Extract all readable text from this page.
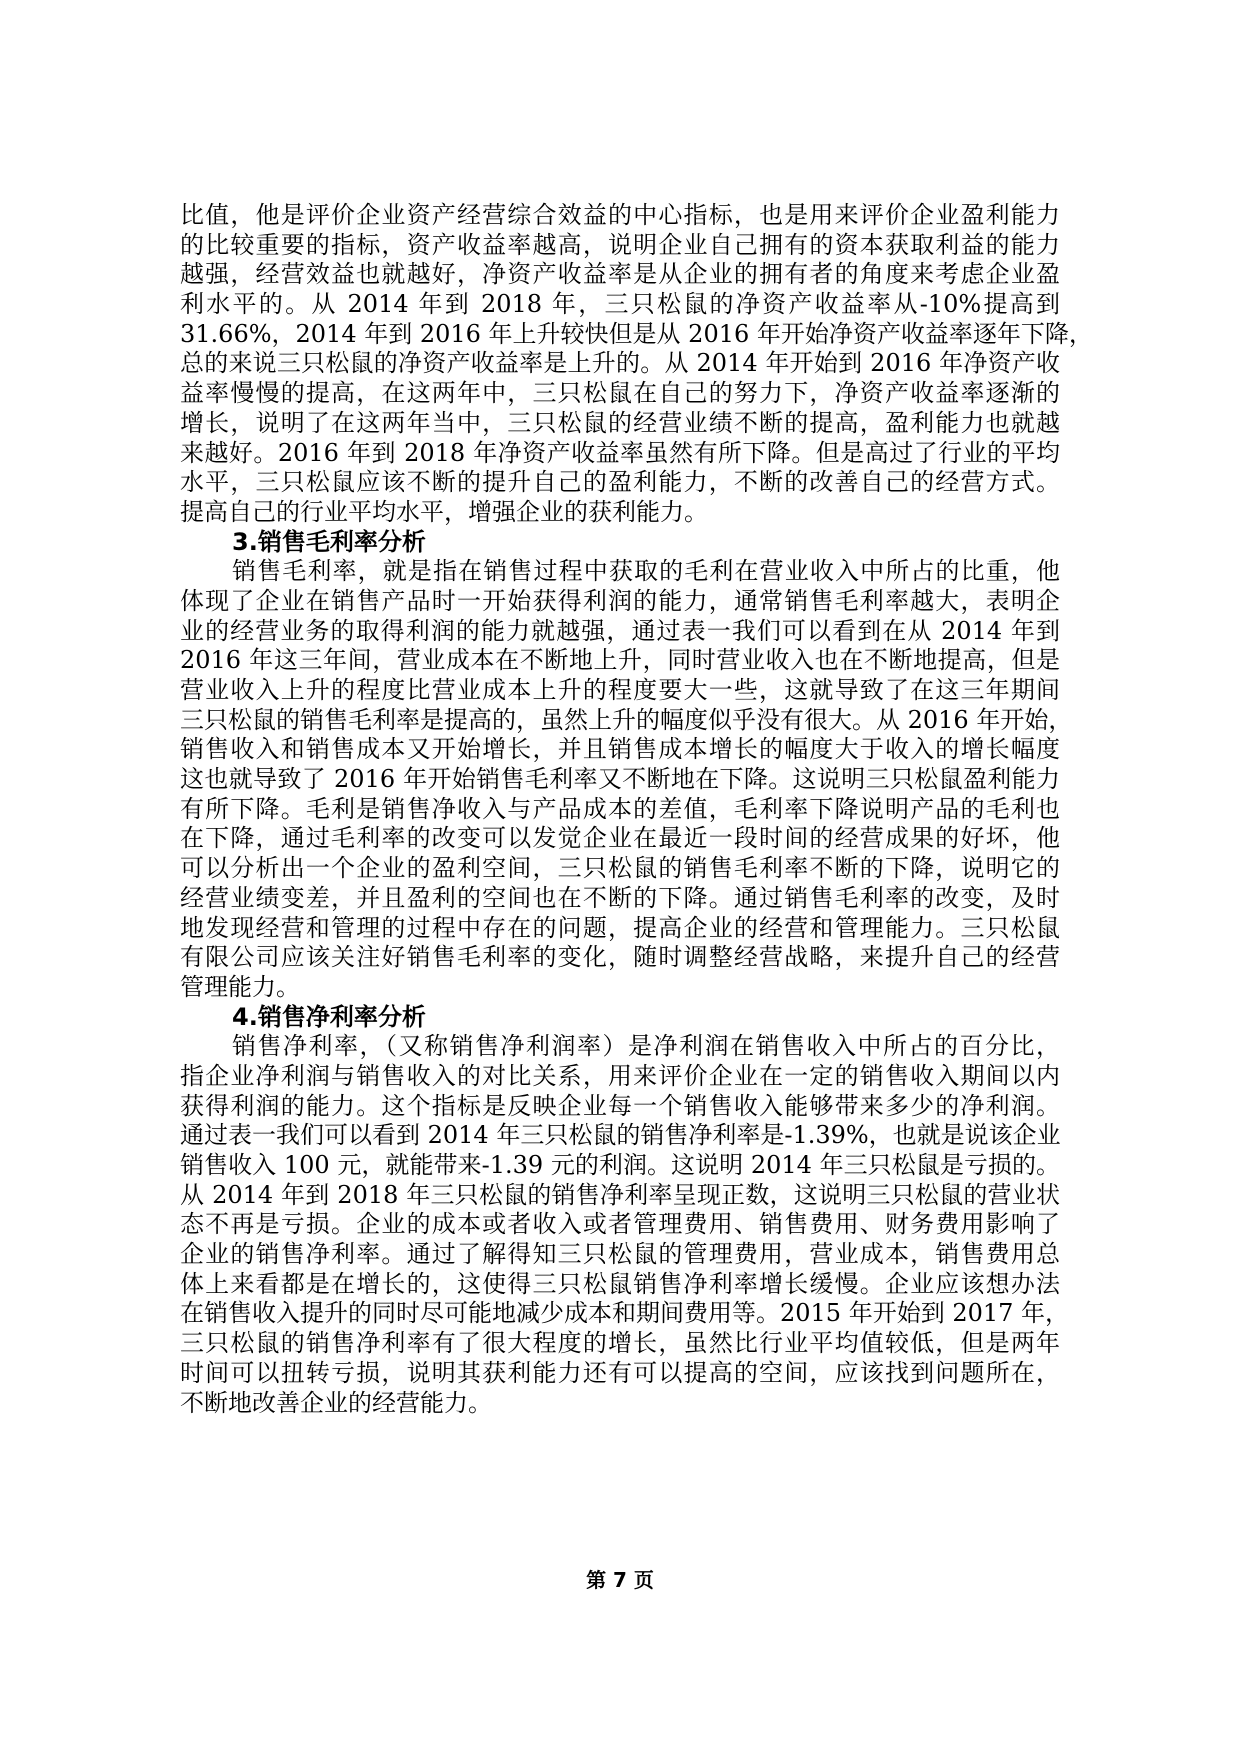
比值，他是评价企业资产经营综合效益的中心指标，也是用来评价企业盈利能力
的比较重要的指标，资产收益率越高，说明企业自己拥有的资本获取利益的能力
越强，经营效益也就越好，净资产收益率是从企业的拥有者的角度来考虑企业盈
利水平的。从 2014 年到 2018 年，三只松鼠的净资产收益率从-10%提高到
31.66%，2014 年到 2016 年上升较快但是从 2016 年开始净资产收益率逐年下降，
总的来说三只松鼠的净资产收益率是上升的。从 2014 年开始到 2016 年净资产收
益率慢慢的提高，在这两年中，三只松鼠在自己的努力下，净资产收益率逐渐的
增长，说明了在这两年当中，三只松鼠的经营业绩不断的提高，盈利能力也就越
来越好。2016 年到 2018 年净资产收益率虽然有所下降。但是高过了行业的平均
水平，三只松鼠应该不断的提升自己的盈利能力，不断的改善自己的经营方式。
提高自己的行业平均水平，增强企业的获利能力。
3.销售毛利率分析
销售毛利率，就是指在销售过程中获取的毛利在营业收入中所占的比重，他
体现了企业在销售产品时一开始获得利润的能力，通常销售毛利率越大，表明企
业的经营业务的取得利润的能力就越强，通过表一我们可以看到在从 2014 年到
2016 年这三年间，营业成本在不断地上升，同时营业收入也在不断地提高，但是
营业收入上升的程度比营业成本上升的程度要大一些，这就导致了在这三年期间
三只松鼠的销售毛利率是提高的，虽然上升的幅度似乎没有很大。从 2016 年开始，
销售收入和销售成本又开始增长，并且销售成本增长的幅度大于收入的增长幅度
这也就导致了 2016 年开始销售毛利率又不断地在下降。这说明三只松鼠盈利能力
有所下降。毛利是销售净收入与产品成本的差值，毛利率下降说明产品的毛利也
在下降，通过毛利率的改变可以发觉企业在最近一段时间的经营成果的好坏，他
可以分析出一个企业的盈利空间，三只松鼠的销售毛利率不断的下降，说明它的
经营业绩变差，并且盈利的空间也在不断的下降。通过销售毛利率的改变，及时
地发现经营和管理的过程中存在的问题，提高企业的经营和管理能力。三只松鼠
有限公司应该关注好销售毛利率的变化，随时调整经营战略，来提升自己的经营
管理能力。
4.销售净利率分析
销售净利率，（又称销售净利润率）是净利润在销售收入中所占的百分比，
指企业净利润与销售收入的对比关系，用来评价企业在一定的销售收入期间以内
获得利润的能力。这个指标是反映企业每一个销售收入能够带来多少的净利润。
通过表一我们可以看到 2014 年三只松鼠的销售净利率是-1.39%，也就是说该企业
销售收入 100 元，就能带来-1.39 元的利润。这说明 2014 年三只松鼠是亏损的。
从 2014 年到 2018 年三只松鼠的销售净利率呈现正数，这说明三只松鼠的营业状
态不再是亏损。企业的成本或者收入或者管理费用、销售费用、财务费用影响了
企业的销售净利率。通过了解得知三只松鼠的管理费用，营业成本，销售费用总
体上来看都是在增长的，这使得三只松鼠销售净利率增长缓慢。企业应该想办法
在销售收入提升的同时尽可能地减少成本和期间费用等。2015 年开始到 2017 年，
三只松鼠的销售净利率有了很大程度的增长，虽然比行业平均值较低，但是两年
时间可以扭转亏损，说明其获利能力还有可以提高的空间，应该找到问题所在，
不断地改善企业的经营能力。
第 7 页
